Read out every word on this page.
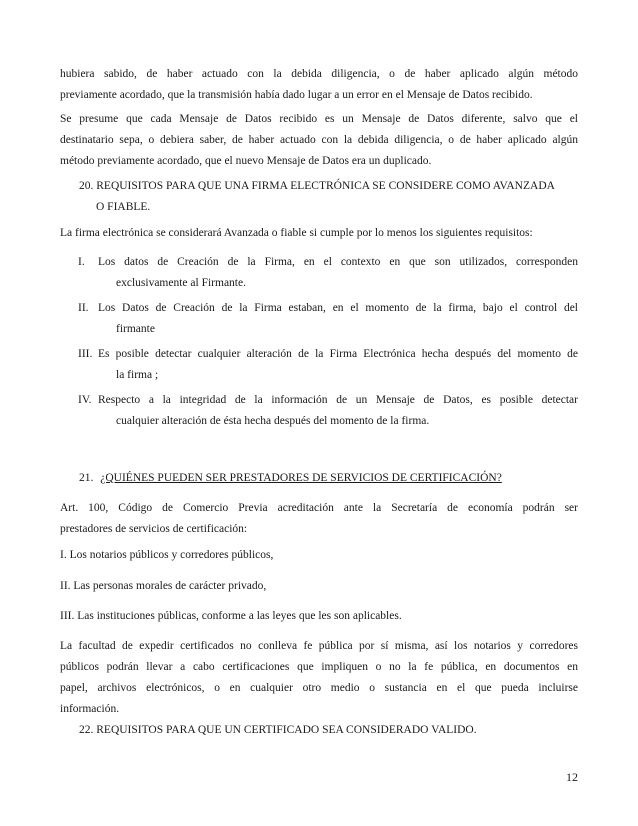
hubiera sabido, de haber actuado con la debida diligencia, o de haber aplicado algún método
previamente acordado, que la transmisión había dado lugar a un error en el Mensaje de Datos recibido.
Se presume que cada Mensaje de Datos recibido es un Mensaje de Datos diferente, salvo que el
destinatario sepa, o debiera saber, de haber actuado con la debida diligencia, o de haber aplicado algún
método previamente acordado, que el nuevo Mensaje de Datos era un duplicado.
20. REQUISITOS PARA QUE UNA FIRMA ELECTRÓNICA SE CONSIDERE COMO AVANZADA
O FIABLE.
La firma electrónica se considerará Avanzada o fiable si cumple por lo menos los siguientes requisitos:
I. Los datos de Creación de la Firma, en el contexto en que son utilizados, corresponden
exclusivamente al Firmante.
II. Los Datos de Creación de la Firma estaban, en el momento de la firma, bajo el control del
firmante
III. Es posible detectar cualquier alteración de la Firma Electrónica hecha después del momento de
la firma ;
IV. Respecto a la integridad de la información de un Mensaje de Datos, es posible detectar
cualquier alteración de ésta hecha después del momento de la firma.
21. ¿QUIÉNES PUEDEN SER PRESTADORES DE SERVICIOS DE CERTIFICACIÓN?
Art. 100, Código de Comercio Previa acreditación ante la Secretaría de economía podrán ser
prestadores de servicios de certificación:
I. Los notarios públicos y corredores públicos,
II. Las personas morales de carácter privado,
III. Las instituciones públicas, conforme a las leyes que les son aplicables.
La facultad de expedir certificados no conlleva fe pública por sí misma, así los notarios y corredores
públicos podrán llevar a cabo certificaciones que impliquen o no la fe pública, en documentos en
papel, archivos electrónicos, o en cualquier otro medio o sustancia en el que pueda incluirse
información.
22. REQUISITOS PARA QUE UN CERTIFICADO SEA CONSIDERADO VALIDO.
12
